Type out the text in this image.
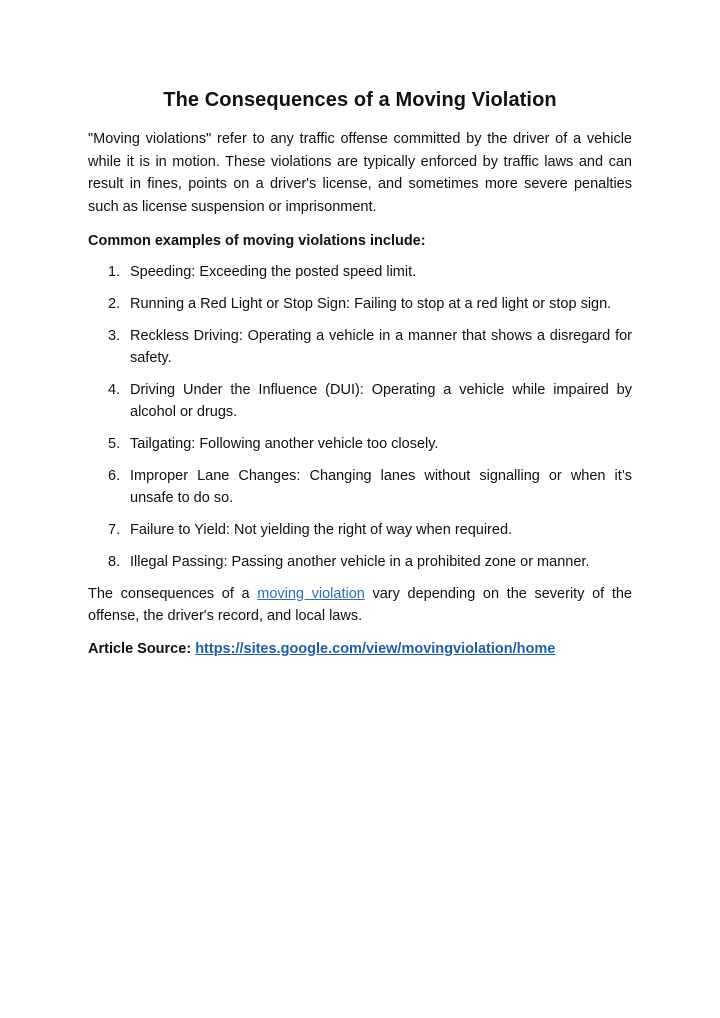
The Consequences of a Moving Violation

"Moving violations" refer to any traffic offense committed by the driver of a vehicle while it is in motion. These violations are typically enforced by traffic laws and can result in fines, points on a driver's license, and sometimes more severe penalties such as license suspension or imprisonment.

Common examples of moving violations include:

1. Speeding: Exceeding the posted speed limit.
2. Running a Red Light or Stop Sign: Failing to stop at a red light or stop sign.
3. Reckless Driving: Operating a vehicle in a manner that shows a disregard for safety.
4. Driving Under the Influence (DUI): Operating a vehicle while impaired by alcohol or drugs.
5. Tailgating: Following another vehicle too closely.
6. Improper Lane Changes: Changing lanes without signalling or when it’s unsafe to do so.
7. Failure to Yield: Not yielding the right of way when required.
8. Illegal Passing: Passing another vehicle in a prohibited zone or manner.

The consequences of a moving violation vary depending on the severity of the offense, the driver's record, and local laws.

Article Source: https://sites.google.com/view/movingviolation/home
